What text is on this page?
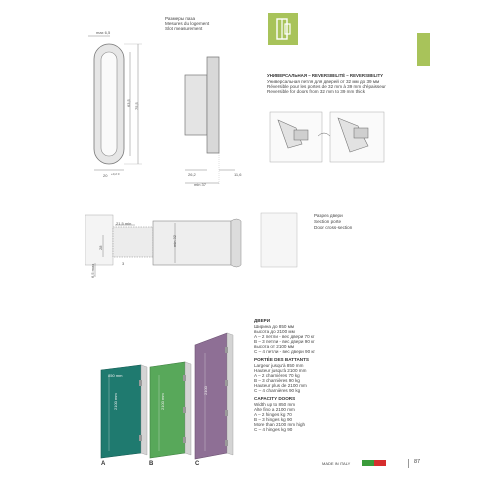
Размеры паза
Mesures du logement
Slot measurement
max 6,5
63,5 75,5
20 +0,2 0	26,2
min 37
11,6
УНИВЕРСАЛЬНАЯ – REVERSIBILITÉ – REVERSIBILITY
Универсальная петля для дверей от 32 мм до 39 мм
Réversible pour les portes de 32 mm à 39 mm d'épaisseur
Reversible for doors from 32 mm to 39 mm thick
21,5 min
min 32
28
6,5 max
3
Разрез двери
Section porte
Door cross-section
2100 mm	2100 mm
2100
850 mm
A	B	C
ДВЕРИ
Ширина до 850 мм
высота до 2100 мм
A – 2 петли - вес двери 70 кг
B – 3 петли - вес двери 90 кг
высота от 2100 мм
C – 4 петли - вес двери 90 кг
PORTÉE DES BATTANTS
Largeur jusqu'à 850 mm
Hauteur jusqu'à 2100 mm
A – 2 charnières 70 kg
B – 3 charnières 90 kg
Hauteur plus de 2100 mm
C – 4 charnières 90 kg
CAPACITY DOORS
Width up to 850 mm
Alte fino a 2100 mm
A – 2 hinges kg 70
B – 3 hinges kg 90
More than 2100 mm high
C – 4 hinges kg 90
MADE IN ITALY	87
